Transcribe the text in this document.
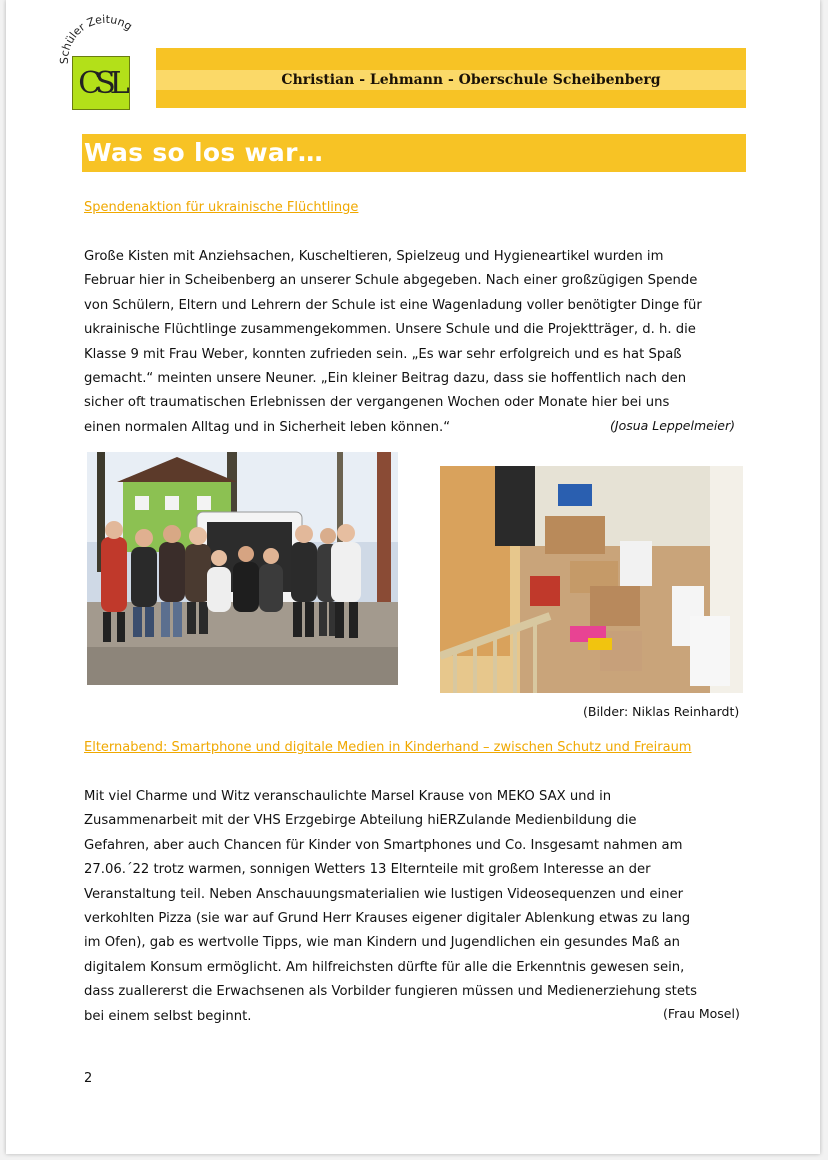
Schüler Zeitung
CSL	Christian - Lehmann - Oberschule Scheibenberg
Was so los war…
Spendenaktion für ukrainische Flüchtlinge
Große Kisten mit Anziehsachen, Kuscheltieren, Spielzeug und Hygieneartikel wurden im
Februar hier in Scheibenberg an unserer Schule abgegeben. Nach einer großzügigen Spende
von Schülern, Eltern und Lehrern der Schule ist eine Wagenladung voller benötigter Dinge für
ukrainische Flüchtlinge zusammengekommen. Unsere Schule und die Projektträger, d. h. die
Klasse 9 mit Frau Weber, konnten zufrieden sein. „Es war sehr erfolgreich und es hat Spaß
gemacht.“ meinten unsere Neuner. „Ein kleiner Beitrag dazu, dass sie hoffentlich nach den
sicher oft traumatischen Erlebnissen der vergangenen Wochen oder Monate hier bei uns
einen normalen Alltag und in Sicherheit leben können.“	(Josua Leppelmeier)
(Bilder: Niklas Reinhardt)
Elternabend: Smartphone und digitale Medien in Kinderhand – zwischen Schutz und Freiraum
Mit viel Charme und Witz veranschaulichte Marsel Krause von MEKO SAX und in
Zusammenarbeit mit der VHS Erzgebirge Abteilung hiERZulande Medienbildung die
Gefahren, aber auch Chancen für Kinder von Smartphones und Co. Insgesamt nahmen am
27.06.´22 trotz warmen, sonnigen Wetters 13 Elternteile mit großem Interesse an der
Veranstaltung teil. Neben Anschauungsmaterialien wie lustigen Videosequenzen und einer
verkohlten Pizza (sie war auf Grund Herr Krauses eigener digitaler Ablenkung etwas zu lang
im Ofen), gab es wertvolle Tipps, wie man Kindern und Jugendlichen ein gesundes Maß an
digitalem Konsum ermöglicht. Am hilfreichsten dürfte für alle die Erkenntnis gewesen sein,
dass zuallererst die Erwachsenen als Vorbilder fungieren müssen und Medienerziehung stets
bei einem selbst beginnt.	(Frau Mosel)
2
